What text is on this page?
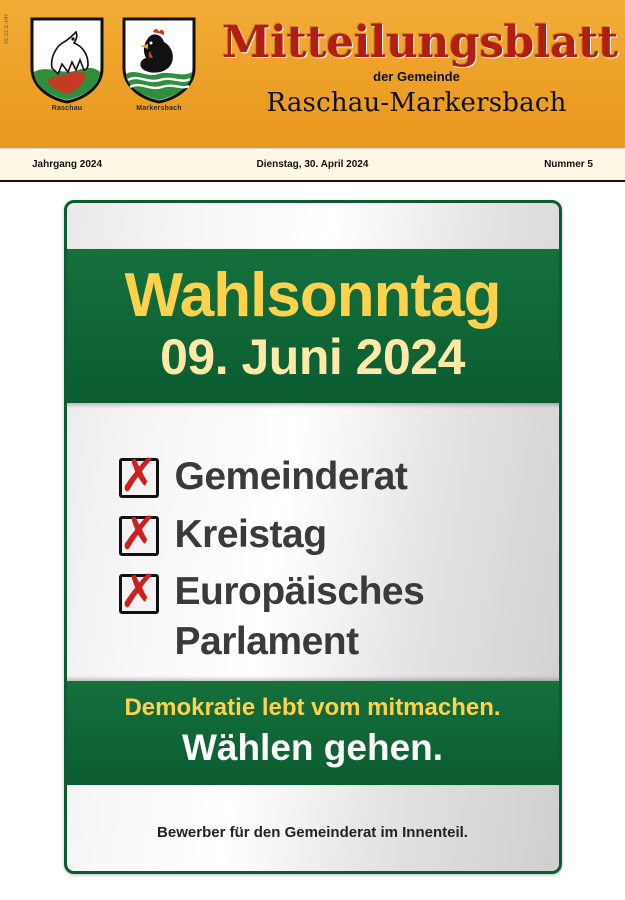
05.02.E-HH
Raschau	Markersbach
Mitteilungsblatt
der Gemeinde
Raschau-Markersbach
Jahrgang 2024	Dienstag, 30. April 2024	Nummer 5
Wahlsonntag
09. Juni 2024
✗ Gemeinderat
✗ Kreistag
✗ Europäisches
Parlament
Demokratie lebt vom mitmachen.
Wählen gehen.
Bewerber für den Gemeinderat im Innenteil.
